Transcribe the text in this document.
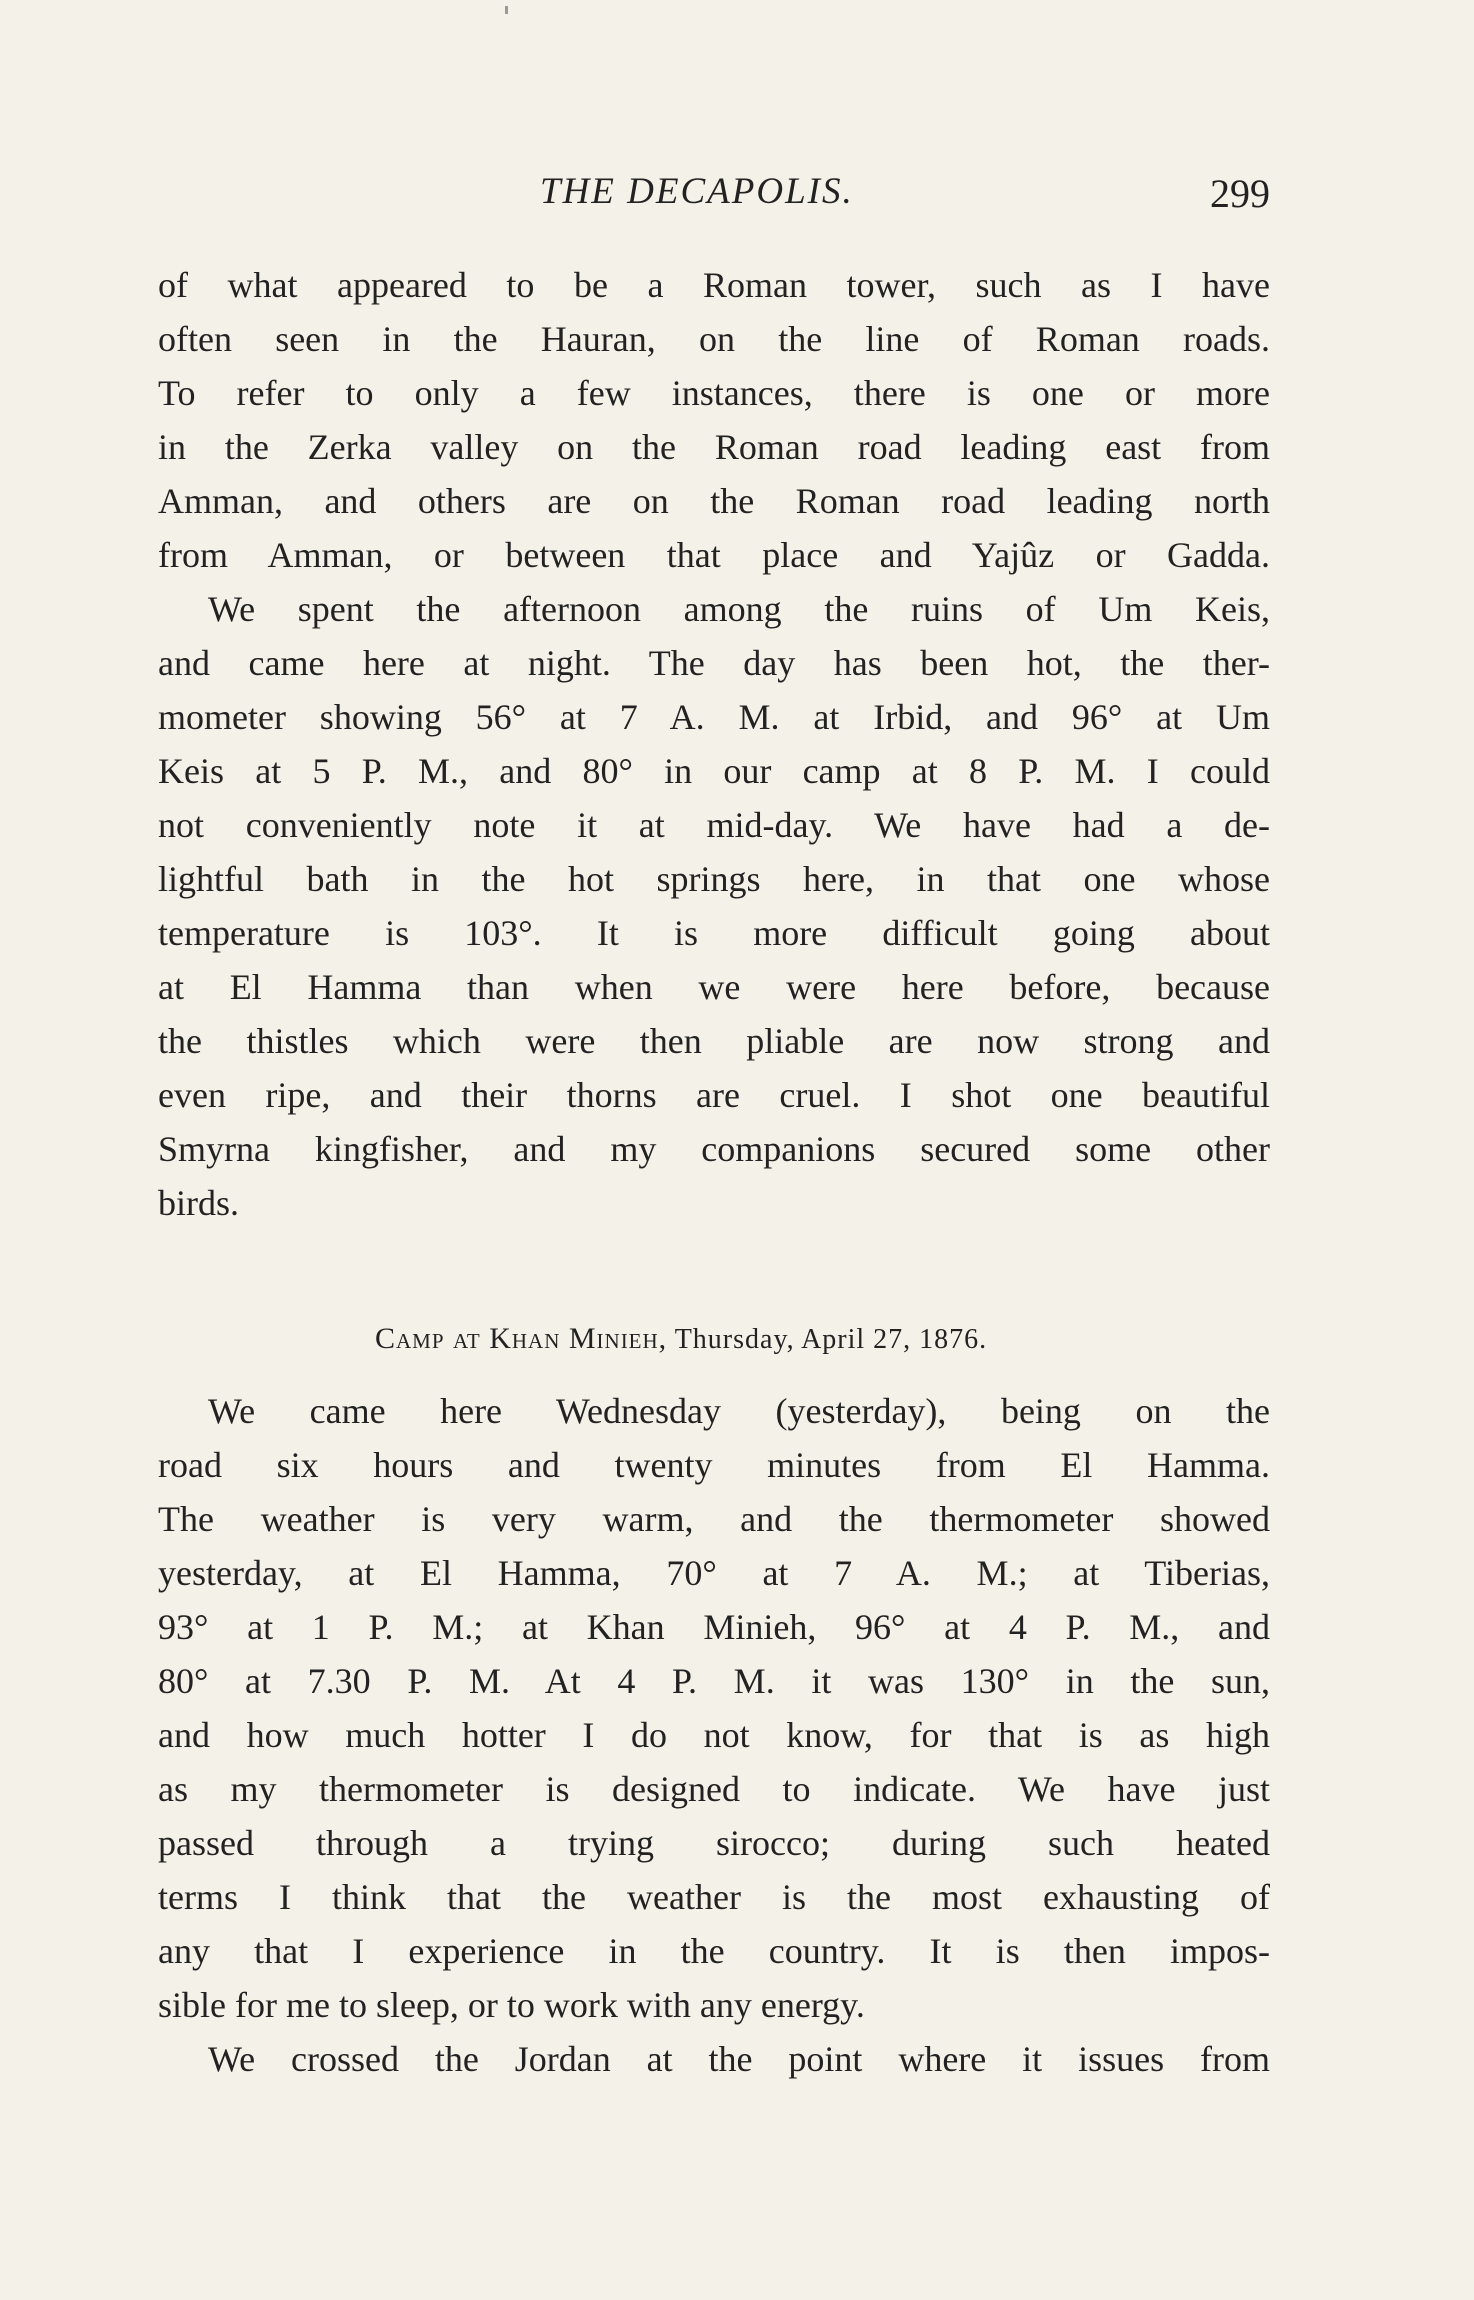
THE DECAPOLIS.	299
of what appeared to be a Roman tower, such as I have
often seen in the Hauran, on the line of Roman roads.
To refer to only a few instances, there is one or more
in the Zerka valley on the Roman road leading east from
Amman, and others are on the Roman road leading north
from Amman, or between that place and Yajûz or Gadda.
We spent the afternoon among the ruins of Um Keis,
and came here at night. The day has been hot, the ther-
mometer showing 56° at 7 A. M. at Irbid, and 96° at Um
Keis at 5 P. M., and 80° in our camp at 8 P. M. I could
not conveniently note it at mid-day. We have had a de-
lightful bath in the hot springs here, in that one whose
temperature is 103°. It is more difficult going about
at El Hamma than when we were here before, because
the thistles which were then pliable are now strong and
even ripe, and their thorns are cruel. I shot one beautiful
Smyrna kingfisher, and my companions secured some other
birds.
Camp at Khan Minieh, Thursday, April 27, 1876.
We came here Wednesday (yesterday), being on the
road six hours and twenty minutes from El Hamma.
The weather is very warm, and the thermometer showed
yesterday, at El Hamma, 70° at 7 A. M.; at Tiberias,
93° at 1 P. M.; at Khan Minieh, 96° at 4 P. M., and
80° at 7.30 P. M. At 4 P. M. it was 130° in the sun,
and how much hotter I do not know, for that is as high
as my thermometer is designed to indicate. We have just
passed through a trying sirocco; during such heated
terms I think that the weather is the most exhausting of
any that I experience in the country. It is then impos-
sible for me to sleep, or to work with any energy.
We crossed the Jordan at the point where it issues from
